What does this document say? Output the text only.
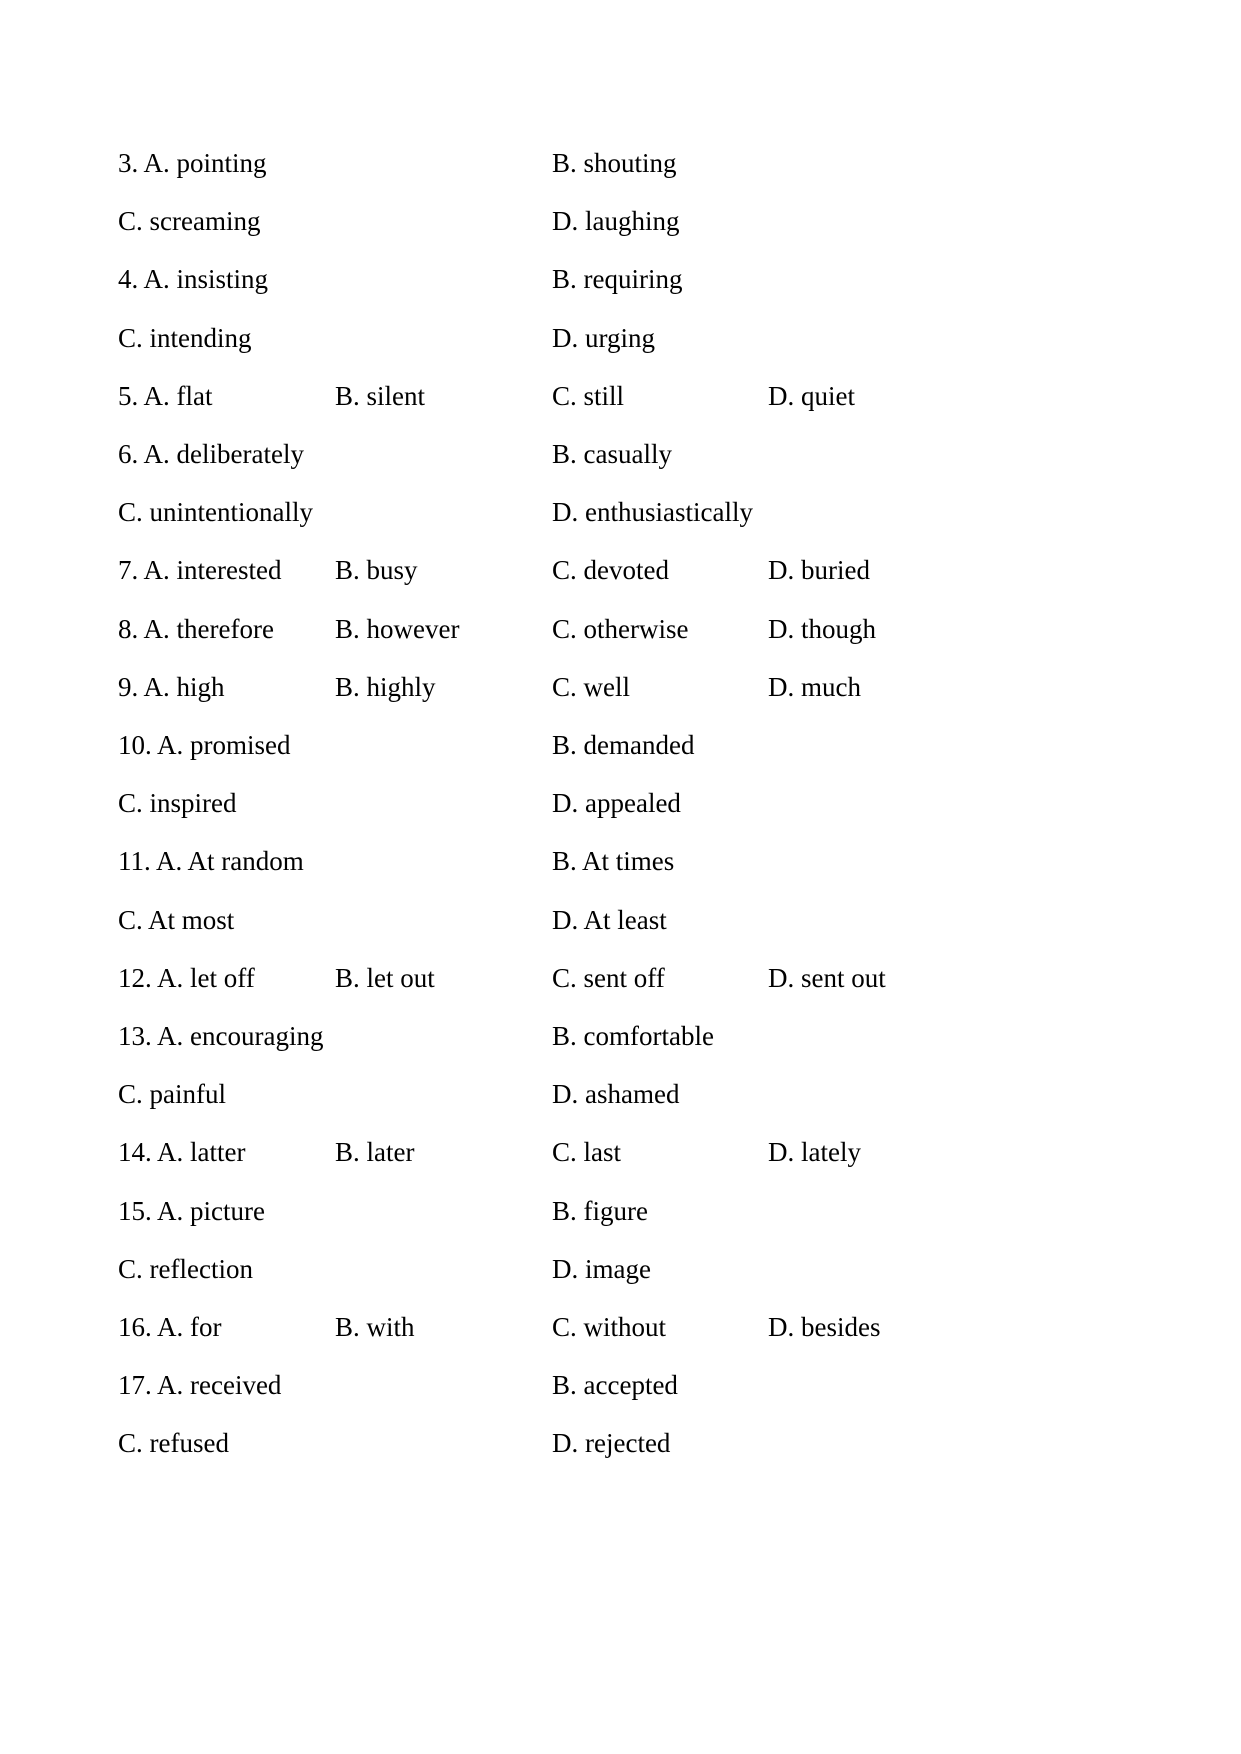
3. A. pointing	B. shouting
C. screaming	D. laughing
4. A. insisting	B. requiring
C. intending	D. urging
5. A. flat	B. silent	C. still	D. quiet
6. A. deliberately	B. casually
C. unintentionally	D. enthusiastically
7. A. interested B. busy	C. devoted	D. buried
8. A. therefore B. however	C. otherwise	D. though
9. A. high	B. highly	C. well	D. much
10. A. promised	B. demanded
C. inspired	D. appealed
11. A. At random	B. At times
C. At most	D. At least
12. A. let off	B. let out	C. sent off	D. sent out
13. A. encouraging	B. comfortable
C. painful	D. ashamed
14. A. latter	B. later	C. last	D. lately
15. A. picture	B. figure
C. reflection	D. image
16. A. for	B. with	C. without	D. besides
17. A. received	B. accepted
C. refused	D. rejected
